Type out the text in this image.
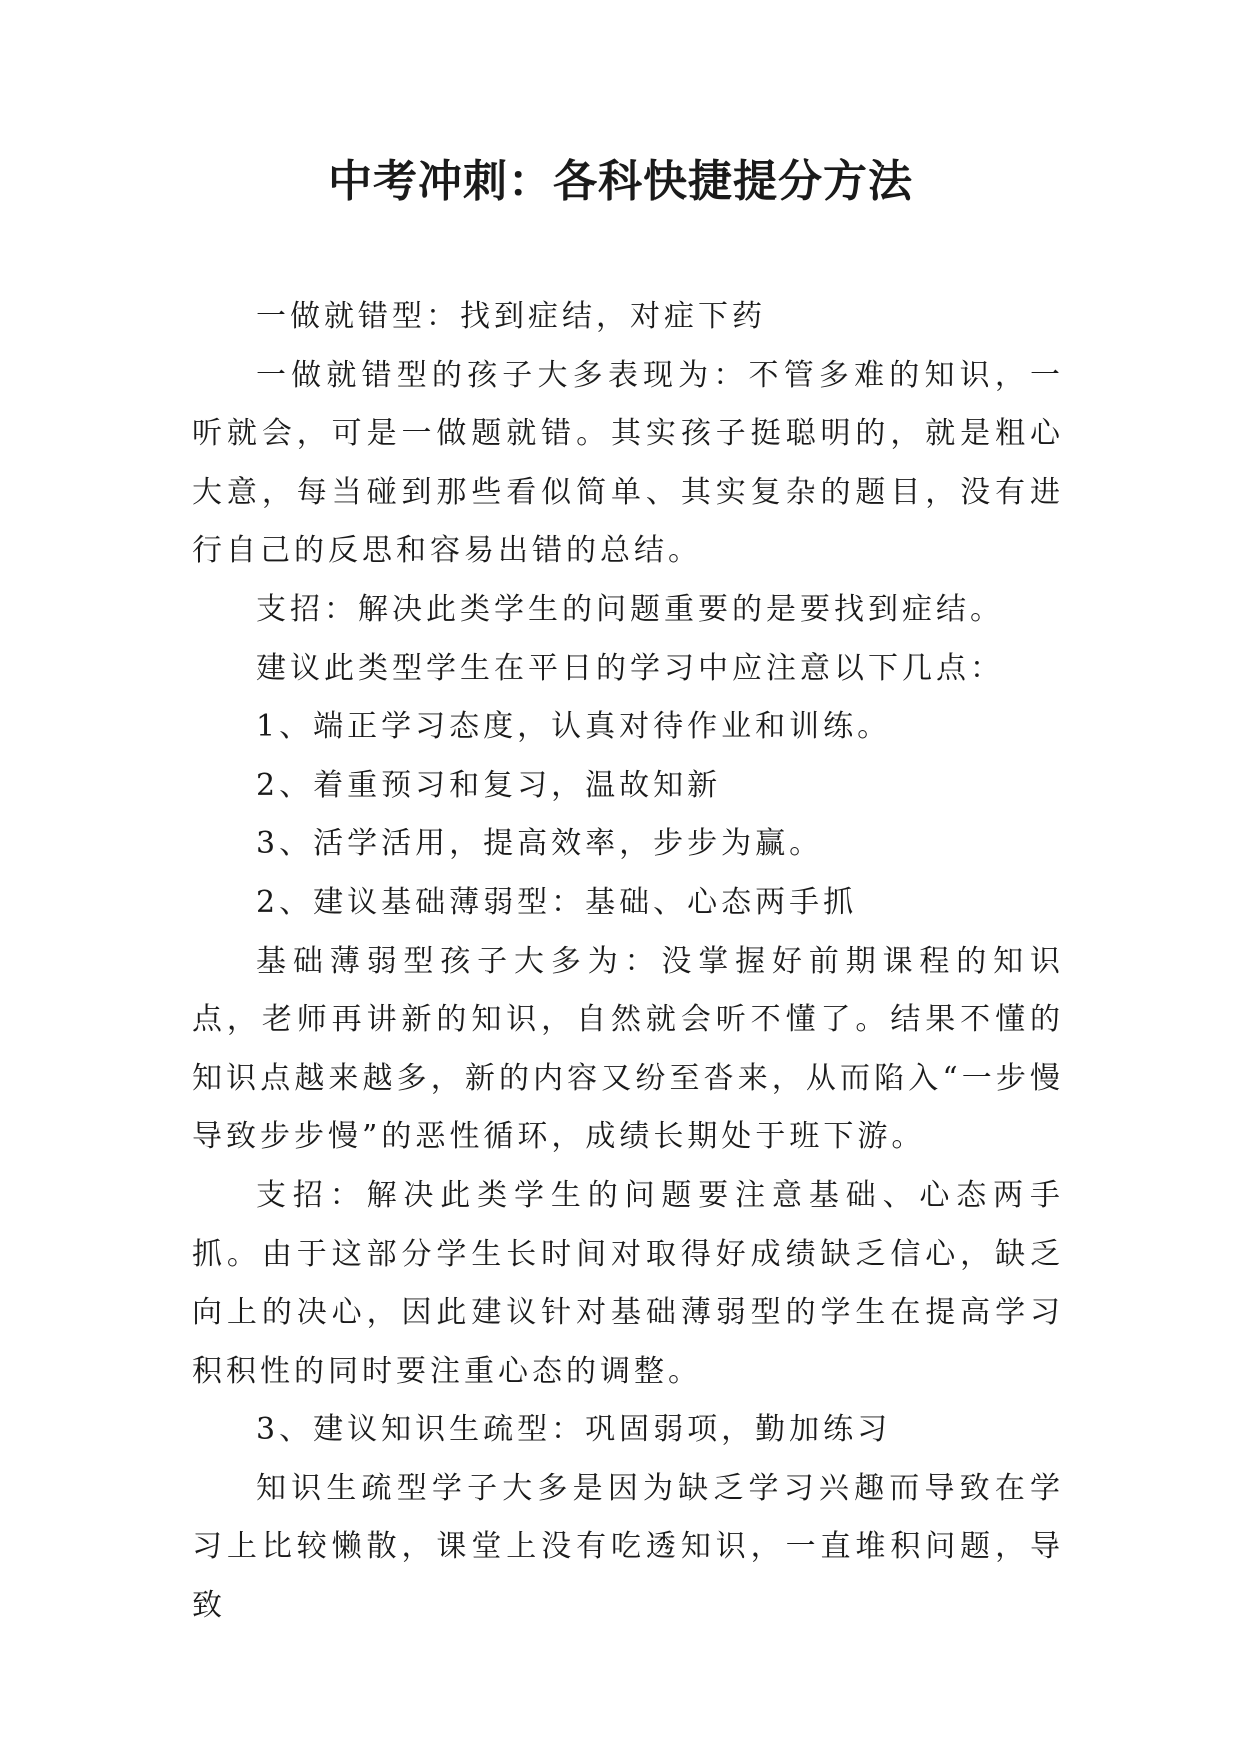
中考冲刺：各科快捷提分方法

一做就错型：找到症结，对症下药

一做就错型的孩子大多表现为：不管多难的知识，一听就会，可是一做题就错。其实孩子挺聪明的，就是粗心大意，每当碰到那些看似简单、其实复杂的题目，没有进行自己的反思和容易出错的总结。

支招：解决此类学生的问题重要的是要找到症结。

建议此类型学生在平日的学习中应注意以下几点：

1、端正学习态度，认真对待作业和训练。

2、着重预习和复习，温故知新

3、活学活用，提高效率，步步为赢。

2、建议基础薄弱型：基础、心态两手抓

基础薄弱型孩子大多为：没掌握好前期课程的知识点，老师再讲新的知识，自然就会听不懂了。结果不懂的知识点越来越多，新的内容又纷至沓来，从而陷入“一步慢导致步步慢”的恶性循环，成绩长期处于班下游。

支招：解决此类学生的问题要注意基础、心态两手抓。由于这部分学生长时间对取得好成绩缺乏信心，缺乏向上的决心，因此建议针对基础薄弱型的学生在提高学习积积性的同时要注重心态的调整。

3、建议知识生疏型：巩固弱项，勤加练习

知识生疏型学子大多是因为缺乏学习兴趣而导致在学习上比较懒散，课堂上没有吃透知识，一直堆积问题，导致
